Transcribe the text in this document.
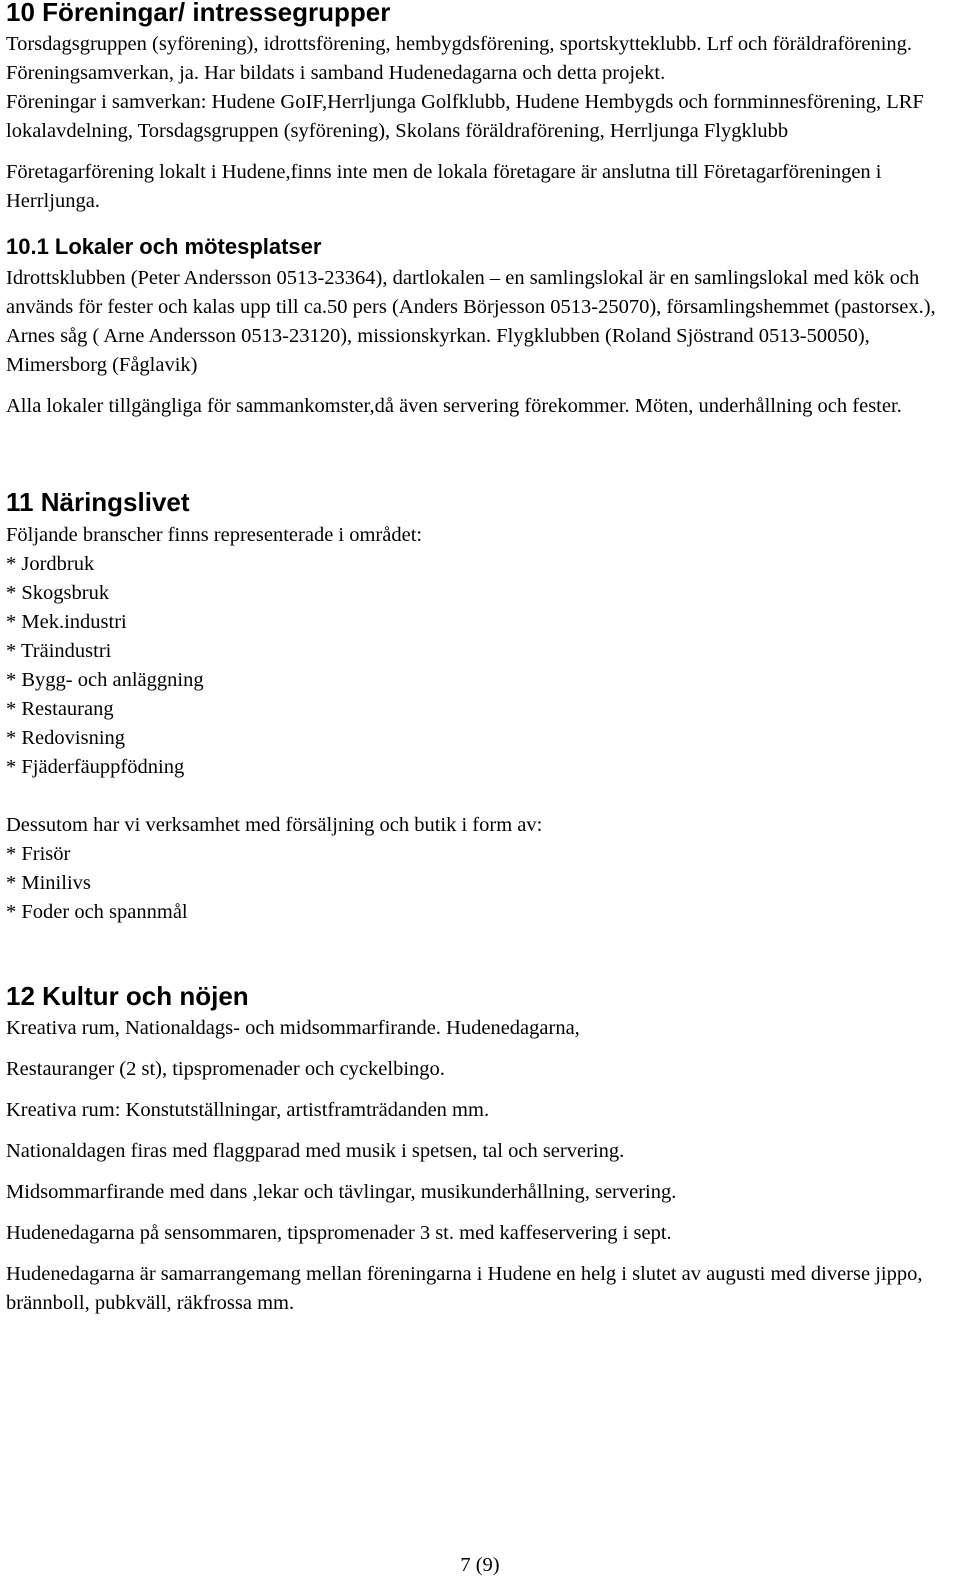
10 Föreningar/ intressegrupper

Torsdagsgruppen (syförening), idrottsförening, hembygdsförening, sportskytteklubb. Lrf och föräldraförening.

Föreningsamverkan, ja. Har bildats i samband Hudenedagarna och detta projekt.

Föreningar i samverkan: Hudene GoIF,Herrljunga Golfklubb, Hudene Hembygds och fornminnesförening, LRF lokalavdelning, Torsdagsgruppen (syförening), Skolans föräldraförening, Herrljunga Flygklubb

Företagarförening lokalt i Hudene,finns inte men de lokala företagare är anslutna till Företagarföreningen i Herrljunga.

10.1 Lokaler och mötesplatser

Idrottsklubben (Peter Andersson 0513-23364), dartlokalen – en samlingslokal är en samlingslokal med kök och används för fester och kalas upp till ca.50 pers (Anders Börjesson 0513-25070), församlingshemmet (pastorsex.), Arnes såg ( Arne Andersson 0513-23120), missionskyrkan. Flygklubben (Roland Sjöstrand 0513-50050), Mimersborg (Fåglavik)

Alla lokaler tillgängliga för sammankomster,då även servering förekommer. Möten, underhållning och fester.

11 Näringslivet

Följande branscher finns representerade i området:

* Jordbruk
* Skogsbruk
* Mek.industri
* Träindustri
* Bygg- och anläggning
* Restaurang
* Redovisning
* Fjäderfäuppfödning

Dessutom har vi verksamhet med försäljning och butik i form av:

* Frisör
* Minilivs
* Foder och spannmål
12 Kultur och nöjen

Kreativa rum, Nationaldags- och midsommarfirande. Hudenedagarna,

Restauranger (2 st), tipspromenader och cyckelbingo.

Kreativa rum: Konstutställningar, artistframträdanden mm.

Nationaldagen firas med flaggparad med musik i spetsen, tal och servering.

Midsommarfirande med dans ,lekar och tävlingar, musikunderhållning, servering.

Hudenedagarna på sensommaren, tipspromenader 3 st. med kaffeservering i sept.

Hudenedagarna är samarrangemang mellan föreningarna i Hudene en helg i slutet av augusti med diverse jippo, brännboll, pubkväll, räkfrossa mm.

7 (9)
